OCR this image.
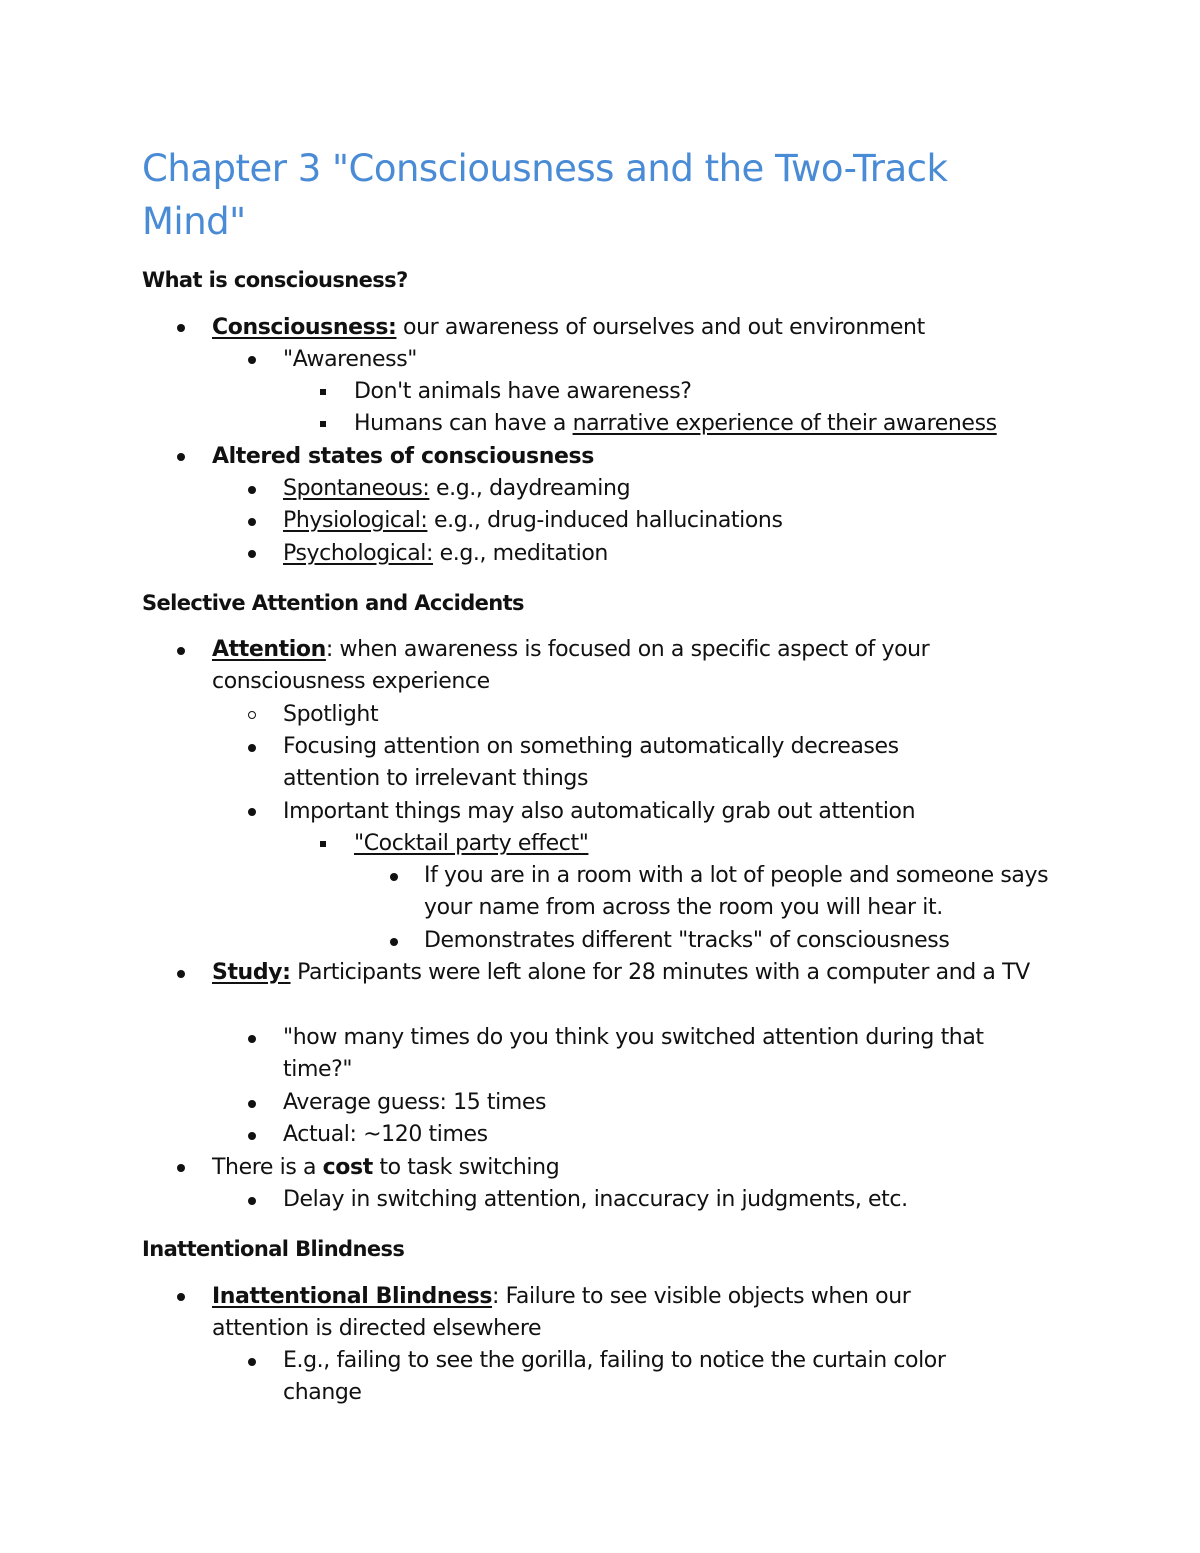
Chapter 3 "Consciousness and the Two-Track Mind"
What is consciousness?
Consciousness: our awareness of ourselves and out environment
"Awareness"
Don't animals have awareness?
Humans can have a narrative experience of their awareness
Altered states of consciousness
Spontaneous: e.g., daydreaming
Physiological: e.g., drug-induced hallucinations
Psychological: e.g., meditation
Selective Attention and Accidents
Attention: when awareness is focused on a specific aspect of your consciousness experience
Spotlight
Focusing attention on something automatically decreases attention to irrelevant things
Important things may also automatically grab out attention
"Cocktail party effect"
If you are in a room with a lot of people and someone says your name from across the room you will hear it.
Demonstrates different "tracks" of consciousness
Study: Participants were left alone for 28 minutes with a computer and a TV
"how many times do you think you switched attention during that time?"
Average guess: 15 times
Actual: ~120 times
There is a cost to task switching
Delay in switching attention, inaccuracy in judgments, etc.
Inattentional Blindness
Inattentional Blindness: Failure to see visible objects when our attention is directed elsewhere
E.g., failing to see the gorilla, failing to notice the curtain color change
